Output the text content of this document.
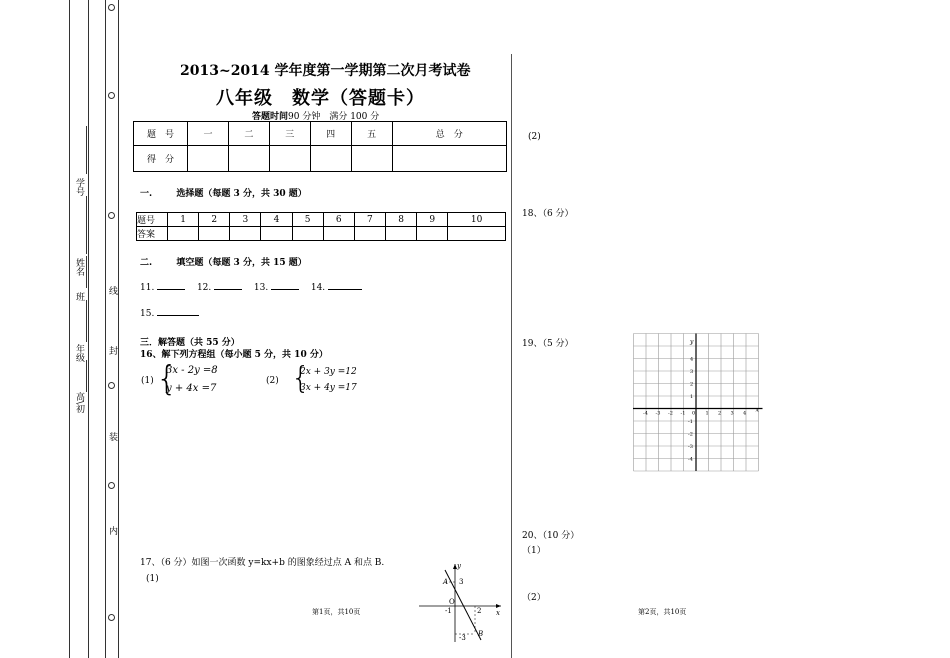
高\初
年级
班
姓名
学号
线
封
装
内
2013~2014 学年度第一学期第二次月考试卷
八年级　数学（答题卡）
答题时间90 分钟　满分 100 分
题　号	一	二	三	四	五	总　分
得　分						
一.	选择题（每题 3 分，共 30 题）
题号	1	2	3	4	5	6	7	8	9	10
答案										
二.	填空题（每题 3 分，共 15 题）
11.	12.	13.	14.
15.
三．解答题（共 55 分）
16、解下列方程组（每小题 5 分，共 10 分）
(1) {
3x - 2y =8
y + 4x =7
(2) {
2x + 3y =12
3x + 4y =17
17、（6 分）如图一次函数 y=kx+b 的图象经过点 A 和点 B.
(1)
y
x
A 3
O
-1	2
-3 B
第1页，共10页
(2)
18、（6 分）
19、（5 分）
x
y
0
-4 -3 -2 -1	1 2 3 4
4
3
2
1
-1
-2
-3
-4
20、（10 分）
（1）
（2）
第2页，共10页
